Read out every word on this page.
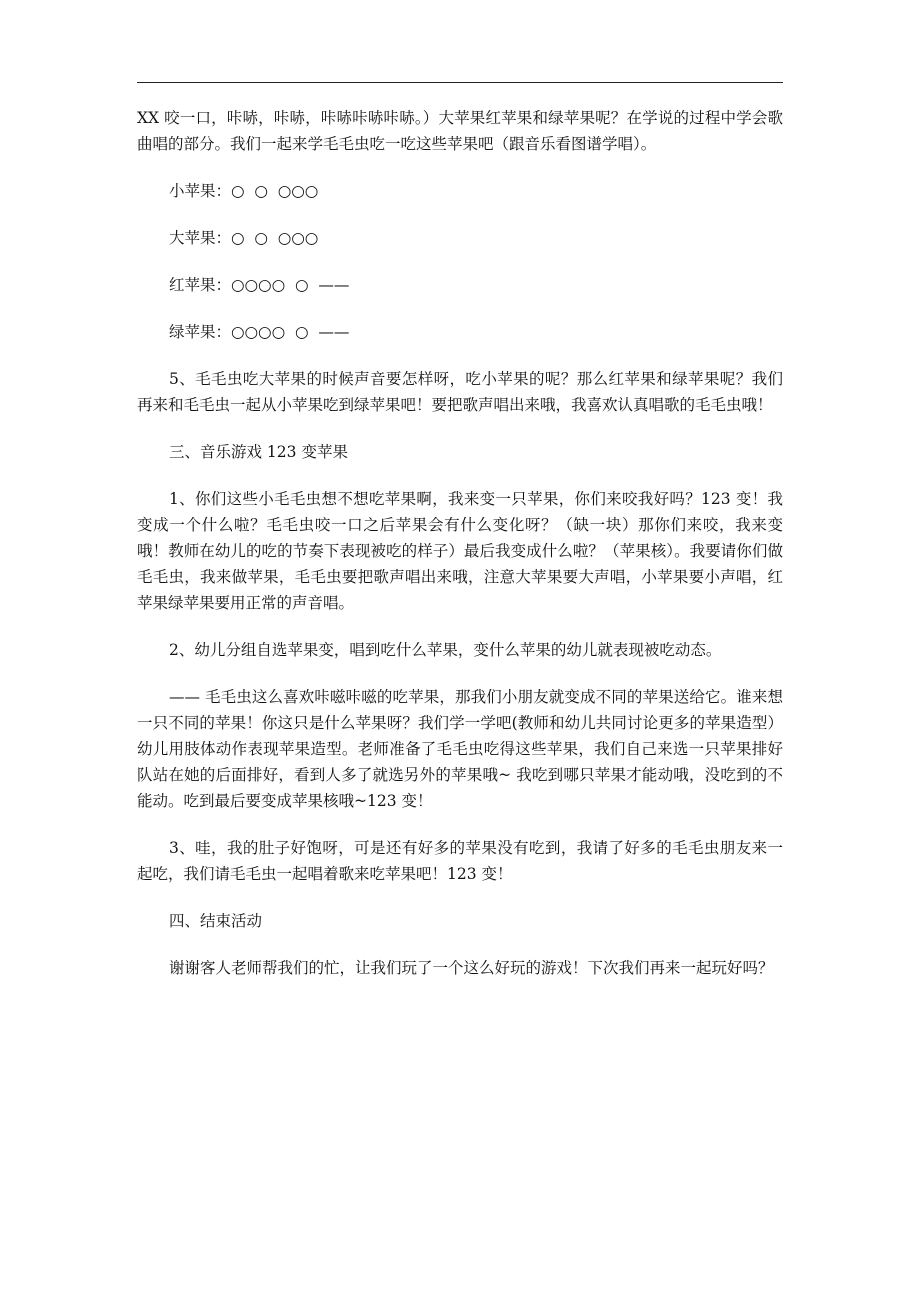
XX 咬一口，咔哧，咔哧，咔哧咔哧咔哧。）大苹果红苹果和绿苹果呢？在学说的过程中学会歌曲唱的部分。我们一起来学毛毛虫吃一吃这些苹果吧（跟音乐看图谱学唱）。

小苹果：○  ○  ○○○
大苹果：○  ○  ○○○
红苹果：○○○○  ○  ——
绿苹果：○○○○  ○  ——

5、毛毛虫吃大苹果的时候声音要怎样呀，吃小苹果的呢？那么红苹果和绿苹果呢？我们再来和毛毛虫一起从小苹果吃到绿苹果吧！要把歌声唱出来哦，我喜欢认真唱歌的毛毛虫哦！

三、音乐游戏 123 变苹果

1、你们这些小毛毛虫想不想吃苹果啊，我来变一只苹果，你们来咬我好吗？123 变！我变成一个什么啦？毛毛虫咬一口之后苹果会有什么变化呀？（缺一块）那你们来咬，我来变哦！教师在幼儿的吃的节奏下表现被吃的样子）最后我变成什么啦？（苹果核）。我要请你们做毛毛虫，我来做苹果，毛毛虫要把歌声唱出来哦，注意大苹果要大声唱，小苹果要小声唱，红苹果绿苹果要用正常的声音唱。

2、幼儿分组自选苹果变，唱到吃什么苹果，变什么苹果的幼儿就表现被吃动态。

—— 毛毛虫这么喜欢咔嗞咔嗞的吃苹果，那我们小朋友就变成不同的苹果送给它。谁来想一只不同的苹果！你这只是什么苹果呀？我们学一学吧(教师和幼儿共同讨论更多的苹果造型）幼儿用肢体动作表现苹果造型。老师准备了毛毛虫吃得这些苹果，我们自己来选一只苹果排好队站在她的后面排好，看到人多了就选另外的苹果哦~ 我吃到哪只苹果才能动哦，没吃到的不能动。吃到最后要变成苹果核哦~123 变！

3、哇，我的肚子好饱呀，可是还有好多的苹果没有吃到，我请了好多的毛毛虫朋友来一起吃，我们请毛毛虫一起唱着歌来吃苹果吧！123 变！

四、结束活动

谢谢客人老师帮我们的忙，让我们玩了一个这么好玩的游戏！下次我们再来一起玩好吗？
